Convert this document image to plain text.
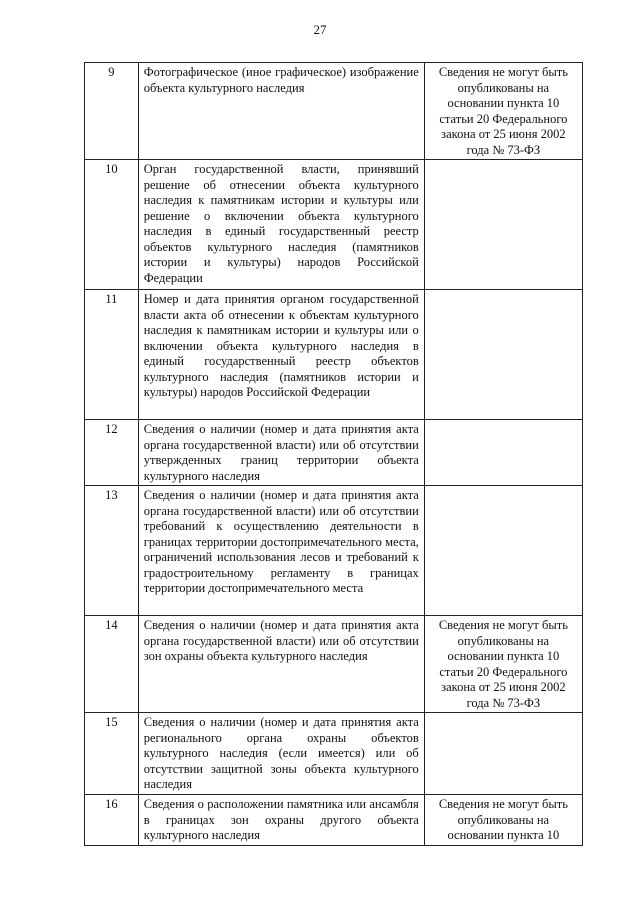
27
9	Фотографическое (иное графическое) изображение объекта культурного наследия	Сведения не могут быть опубликованы на основании пункта 10 статьи 20 Федерального закона от 25 июня 2002 года № 73-ФЗ
10	Орган государственной власти, принявший решение об отнесении объекта культурного наследия к памятникам истории и культуры или решение о включении объекта культурного наследия в единый государственный реестр объектов культурного наследия (памятников истории и культуры) народов Российской Федерации	
11	Номер и дата принятия органом государственной власти акта об отнесении к объектам культурного наследия к памятникам истории и культуры или о включении объекта культурного наследия в единый государственный реестр объектов культурного наследия (памятников истории и культуры) народов Российской Федерации	
12	Сведения о наличии (номер и дата принятия акта органа государственной власти) или об отсутствии утвержденных границ территории объекта культурного наследия	
13	Сведения о наличии (номер и дата принятия акта органа государственной власти) или об отсутствии требований к осуществлению деятельности в границах территории достопримечательного места, ограничений использования лесов и требований к градостроительному регламенту в границах территории достопримечательного места	
14	Сведения о наличии (номер и дата принятия акта органа государственной власти) или об отсутствии зон охраны объекта культурного наследия	Сведения не могут быть опубликованы на основании пункта 10 статьи 20 Федерального закона от 25 июня 2002 года № 73-ФЗ
15	Сведения о наличии (номер и дата принятия акта регионального органа охраны объектов культурного наследия (если имеется) или об отсутствии защитной зоны объекта культурного наследия	
16	Сведения о расположении памятника или ансамбля в границах зон охраны другого объекта культурного наследия	Сведения не могут быть опубликованы на основании пункта 10
